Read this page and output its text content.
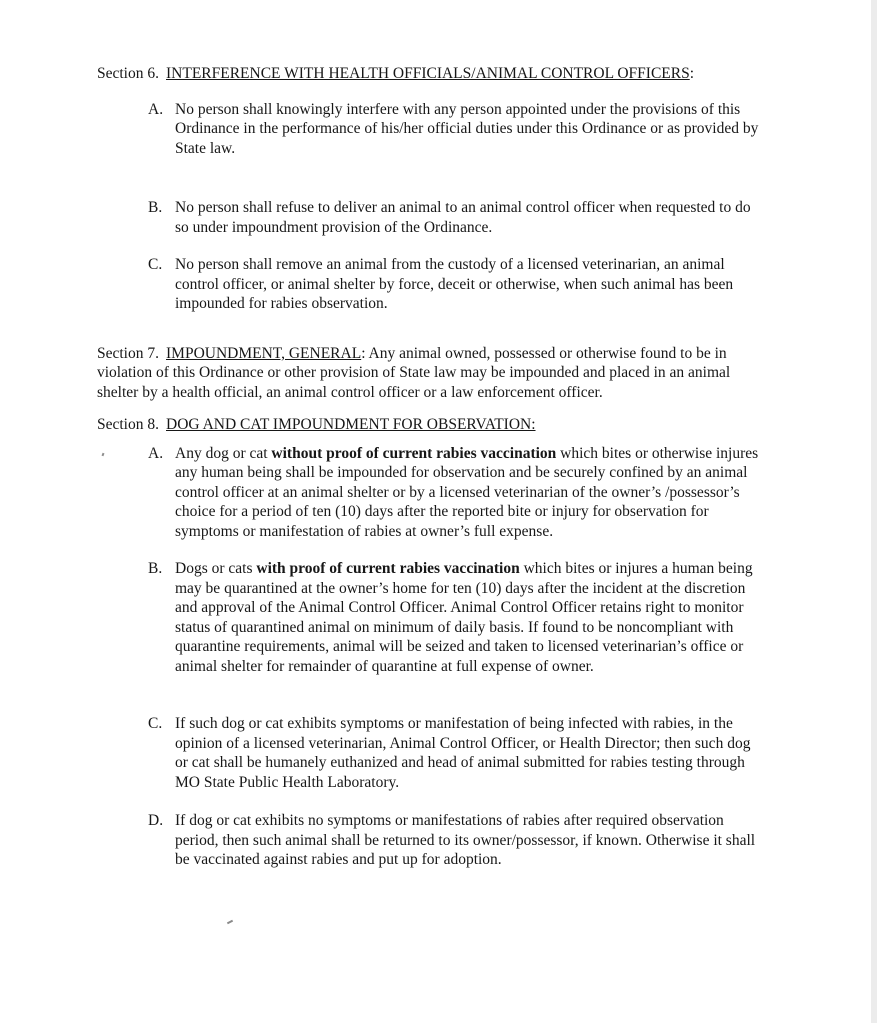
Section 6. INTERFERENCE WITH HEALTH OFFICIALS/ANIMAL CONTROL OFFICERS:

A. No person shall knowingly interfere with any person appointed under the provisions of this Ordinance in the performance of his/her official duties under this Ordinance or as provided by State law.
B. No person shall refuse to deliver an animal to an animal control officer when requested to do so under impoundment provision of the Ordinance.
C. No person shall remove an animal from the custody of a licensed veterinarian, an animal control officer, or animal shelter by force, deceit or otherwise, when such animal has been impounded for rabies observation.

Section 7. IMPOUNDMENT, GENERAL: Any animal owned, possessed or otherwise found to be in violation of this Ordinance or other provision of State law may be impounded and placed in an animal shelter by a health official, an animal control officer or a law enforcement officer.

Section 8. DOG AND CAT IMPOUNDMENT FOR OBSERVATION:

A. Any dog or cat without proof of current rabies vaccination which bites or otherwise injures any human being shall be impounded for observation and be securely confined by an animal control officer at an animal shelter or by a licensed veterinarian of the owner’s /possessor’s choice for a period of ten (10) days after the reported bite or injury for observation for symptoms or manifestation of rabies at owner’s full expense.
B. Dogs or cats with proof of current rabies vaccination which bites or injures a human being may be quarantined at the owner’s home for ten (10) days after the incident at the discretion and approval of the Animal Control Officer. Animal Control Officer retains right to monitor status of quarantined animal on minimum of daily basis. If found to be noncompliant with quarantine requirements, animal will be seized and taken to licensed veterinarian’s office or animal shelter for remainder of quarantine at full expense of owner.
C. If such dog or cat exhibits symptoms or manifestation of being infected with rabies, in the opinion of a licensed veterinarian, Animal Control Officer, or Health Director; then such dog or cat shall be humanely euthanized and head of animal submitted for rabies testing through MO State Public Health Laboratory.
D. If dog or cat exhibits no symptoms or manifestations of rabies after required observation period, then such animal shall be returned to its owner/possessor, if known. Otherwise it shall be vaccinated against rabies and put up for adoption.
